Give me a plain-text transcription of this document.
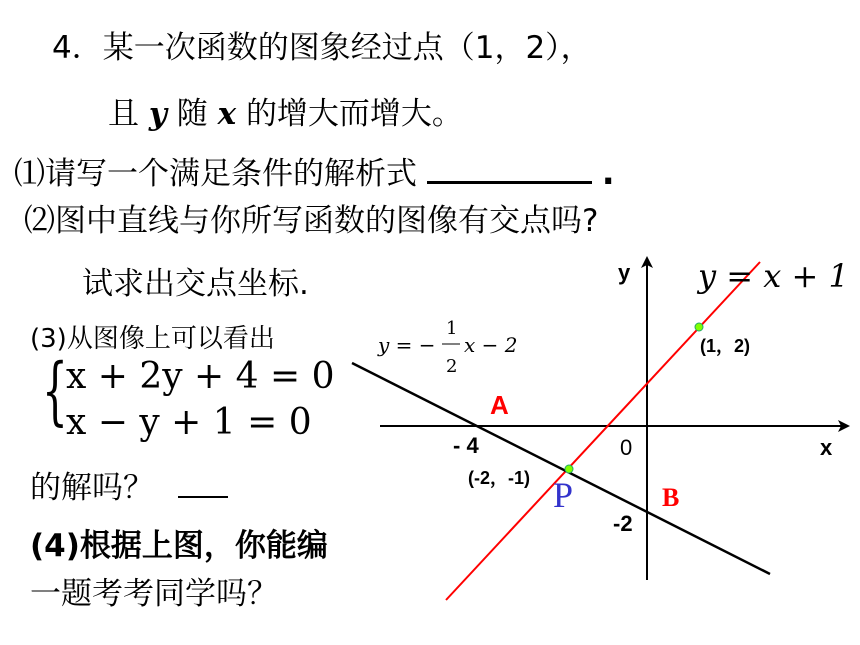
4．某一次函数的图象经过点（1，2），
且 y 随 x 的增大而增大。
⑴请写一个满足条件的解析式	.
⑵图中直线与你所写函数的图像有交点吗?
试求出交点坐标.
(3)从图像上可以看出
{
x + 2y + 4 = 0
x − y + 1 = 0
的解吗？
(4)根据上图，你能编
一题考考同学吗？
y
x
0
- 4
-2
(1，2)
(-2，-1)
A
B
P
y = x + 1
y = −
1
2
x − 2
